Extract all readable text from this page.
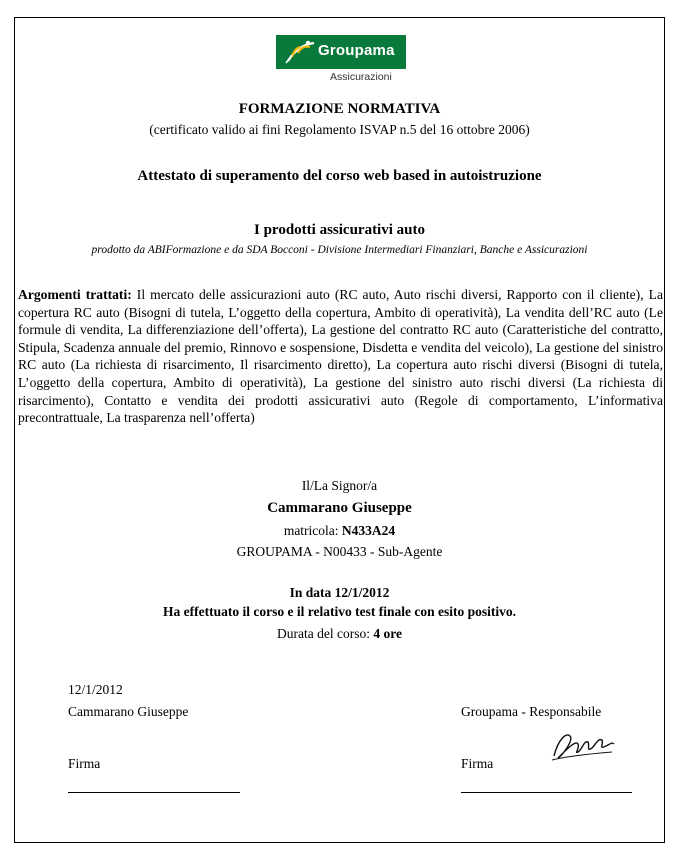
Groupama
Assicurazioni
FORMAZIONE NORMATIVA
(certificato valido ai fini Regolamento ISVAP n.5 del 16 ottobre 2006)
Attestato di superamento del corso web based in autoistruzione
I prodotti assicurativi auto
prodotto da ABIFormazione e da SDA Bocconi - Divisione Intermediari Finanziari, Banche e Assicurazioni
Argomenti trattati: Il mercato delle assicurazioni auto (RC auto, Auto rischi diversi, Rapporto con il cliente), La copertura RC auto (Bisogni di tutela, L’oggetto della copertura, Ambito di operatività), La vendita dell’RC auto (Le formule di vendita, La differenziazione dell’offerta), La gestione del contratto RC auto (Caratteristiche del contratto, Stipula, Scadenza annuale del premio, Rinnovo e sospensione, Disdetta e vendita del veicolo), La gestione del sinistro RC auto (La richiesta di risarcimento, Il risarcimento diretto), La copertura auto rischi diversi (Bisogni di tutela, L’oggetto della copertura, Ambito di operatività), La gestione del sinistro auto rischi diversi (La richiesta di risarcimento), Contatto e vendita dei prodotti assicurativi auto (Regole di comportamento, L’informativa precontrattuale, La trasparenza nell’offerta)
Il/La Signor/a
Cammarano Giuseppe
matricola: N433A24
GROUPAMA - N00433 - Sub-Agente
In data 12/1/2012
Ha effettuato il corso e il relativo test finale con esito positivo.
Durata del corso: 4 ore
12/1/2012
Cammarano Giuseppe	Groupama - Responsabile
Firma	Firma
